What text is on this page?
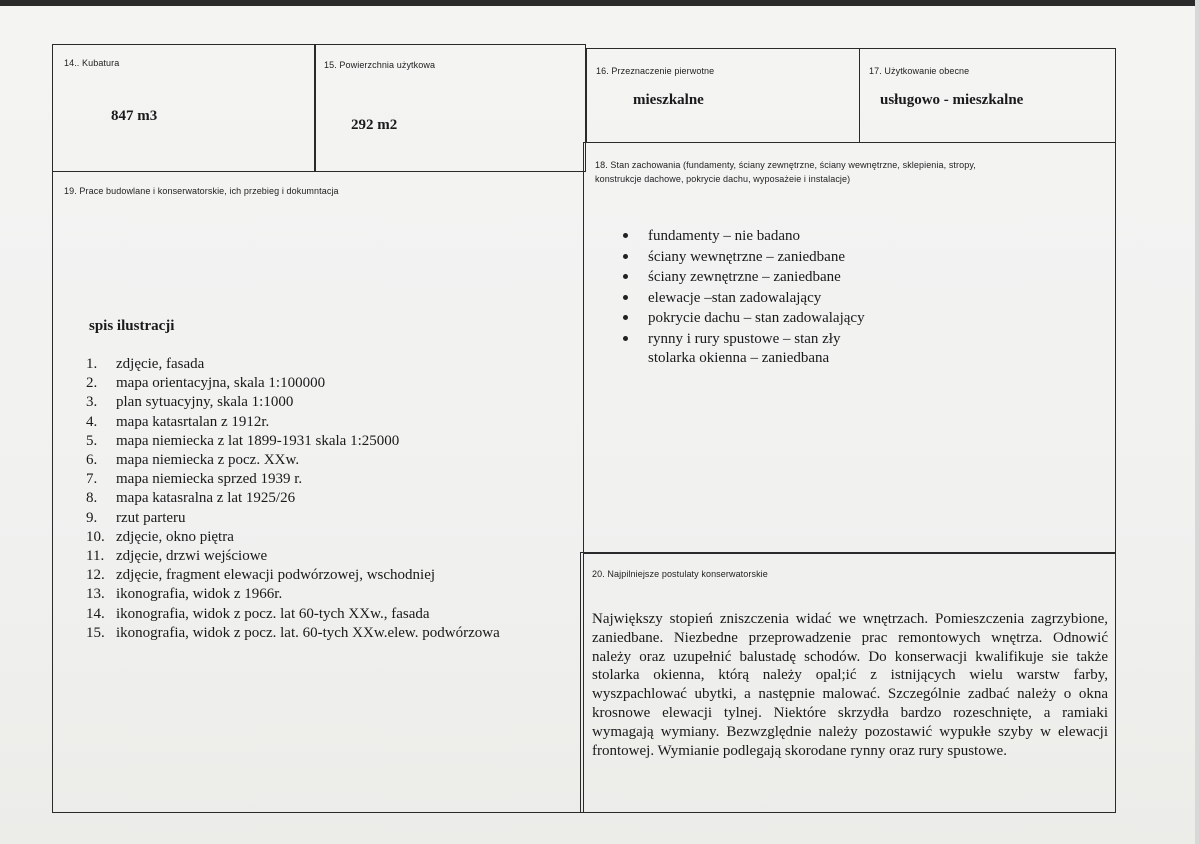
14.. Kubatura
847 m3
15. Powierzchnia użytkowa
292 m2
16. Przeznaczenie pierwotne
mieszkalne
17. Użytkowanie obecne
usługowo - mieszkalne
18. Stan zachowania (fundamenty, ściany zewnętrzne, ściany wewnętrzne, sklepienia, stropy,
konstrukcje dachowe, pokrycie dachu, wyposażeie i instalacje)
fundamenty – nie badano
ściany wewnętrzne – zaniedbane
ściany zewnętrzne – zaniedbane
elewacje –stan zadowalający
pokrycie dachu – stan zadowalający
rynny i rury spustowe – stan zły
stolarka okienna – zaniedbana
19. Prace budowlane i konserwatorskie, ich przebieg i dokumntacja
spis ilustracji
1. zdjęcie, fasada
2. mapa orientacyjna, skala 1:100000
3. plan sytuacyjny, skala 1:1000
4. mapa katasrtalan z 1912r.
5. mapa niemiecka z lat 1899-1931 skala 1:25000
6. mapa niemiecka z pocz. XXw.
7. mapa niemiecka sprzed 1939 r.
8. mapa katasralna z lat 1925/26
9. rzut parteru
10. zdjęcie, okno piętra
11. zdjęcie, drzwi wejściowe
12. zdjęcie, fragment elewacji podwórzowej, wschodniej
13. ikonografia, widok z 1966r.
14. ikonografia, widok z pocz. lat 60-tych XXw., fasada
15. ikonografia, widok z pocz. lat. 60-tych XXw.elew. podwórzowa
20. Najpilniejsze postulaty konserwatorskie
Największy stopień zniszczenia widać we wnętrzach. Pomieszczenia zagrzybione, zaniedbane. Niezbedne przeprowadzenie prac remontowych wnętrza. Odnowić należy oraz uzupełnić balustadę schodów. Do konserwacji kwalifikuje sie także stolarka okienna, którą należy opal;ić z istnijących wielu warstw farby, wyszpachlować ubytki, a następnie malować. Szczególnie zadbać należy o okna krosnowe elewacji tylnej. Niektóre skrzydła bardzo rozeschnięte, a ramiaki wymagają wymiany. Bezwzględnie należy pozostawić wypukłe szyby w elewacji frontowej. Wymianie podlegają skorodane rynny oraz rury spustowe.
